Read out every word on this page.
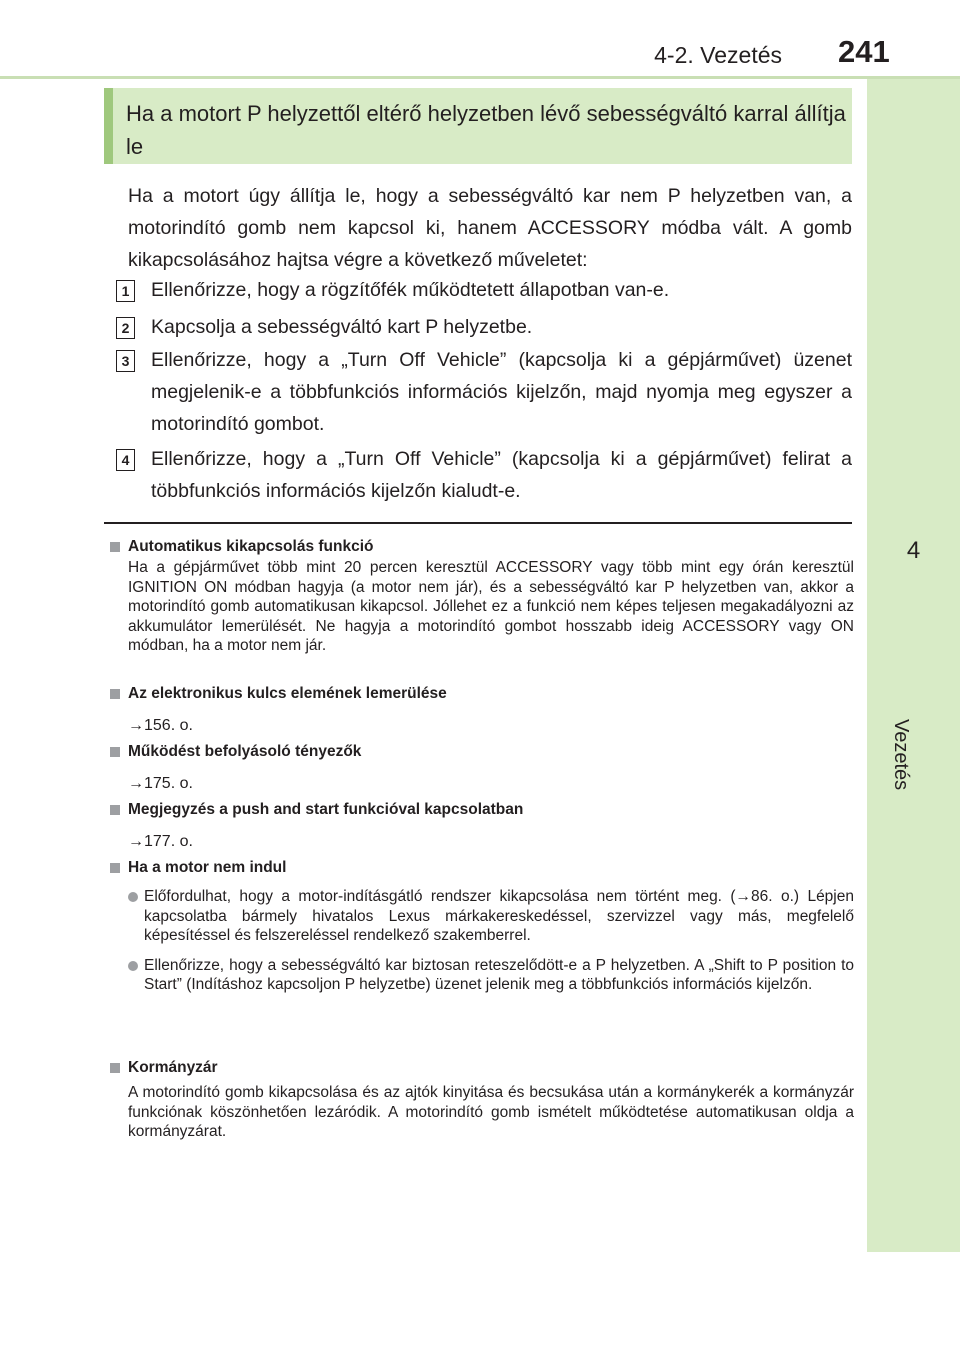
4-2. Vezetés 241
4
Vezetés
Ha a motort P helyzettől eltérő helyzetben lévő sebességváltó karral állítja le
Ha a motort úgy állítja le, hogy a sebességváltó kar nem P helyzetben van, a motorindító gomb nem kapcsol ki, hanem ACCESSORY módba vált. A gomb kikapcsolásához hajtsa végre a következő műveletet:
1 Ellenőrizze, hogy a rögzítőfék működtetett állapotban van-e.
2 Kapcsolja a sebességváltó kart P helyzetbe.
3 Ellenőrizze, hogy a „Turn Off Vehicle” (kapcsolja ki a gépjárművet) üzenet megjelenik-e a többfunkciós információs kijelzőn, majd nyomja meg egyszer a motorindító gombot.
4 Ellenőrizze, hogy a „Turn Off Vehicle” (kapcsolja ki a gépjárművet) felirat a többfunkciós információs kijelzőn kialudt-e.
Automatikus kikapcsolás funkció
Ha a gépjárművet több mint 20 percen keresztül ACCESSORY vagy több mint egy órán keresztül IGNITION ON módban hagyja (a motor nem jár), és a sebességváltó kar P helyzetben van, akkor a motorindító gomb automatikusan kikapcsol. Jóllehet ez a funkció nem képes teljesen megakadályozni az akkumulátor lemerülését. Ne hagyja a motorindító gombot hosszabb ideig ACCESSORY vagy ON módban, ha a motor nem jár.
Az elektronikus kulcs elemének lemerülése
→156. o.
Működést befolyásoló tényezők
→175. o.
Megjegyzés a push and start funkcióval kapcsolatban
→177. o.
Ha a motor nem indul
Előfordulhat, hogy a motor-indításgátló rendszer kikapcsolása nem történt meg. (→86. o.) Lépjen kapcsolatba bármely hivatalos Lexus márkakereskedéssel, szervizzel vagy más, megfelelő képesítéssel és felszereléssel rendelkező szakemberrel.
Ellenőrizze, hogy a sebességváltó kar biztosan reteszelődött-e a P helyzetben. A „Shift to P position to Start” (Indításhoz kapcsoljon P helyzetbe) üzenet jelenik meg a többfunkciós információs kijelzőn.
Kormányzár
A motorindító gomb kikapcsolása és az ajtók kinyitása és becsukása után a kormánykerék a kormányzár funkciónak köszönhetően lezáródik. A motorindító gomb ismételt működtetése automatikusan oldja a kormányzárat.
